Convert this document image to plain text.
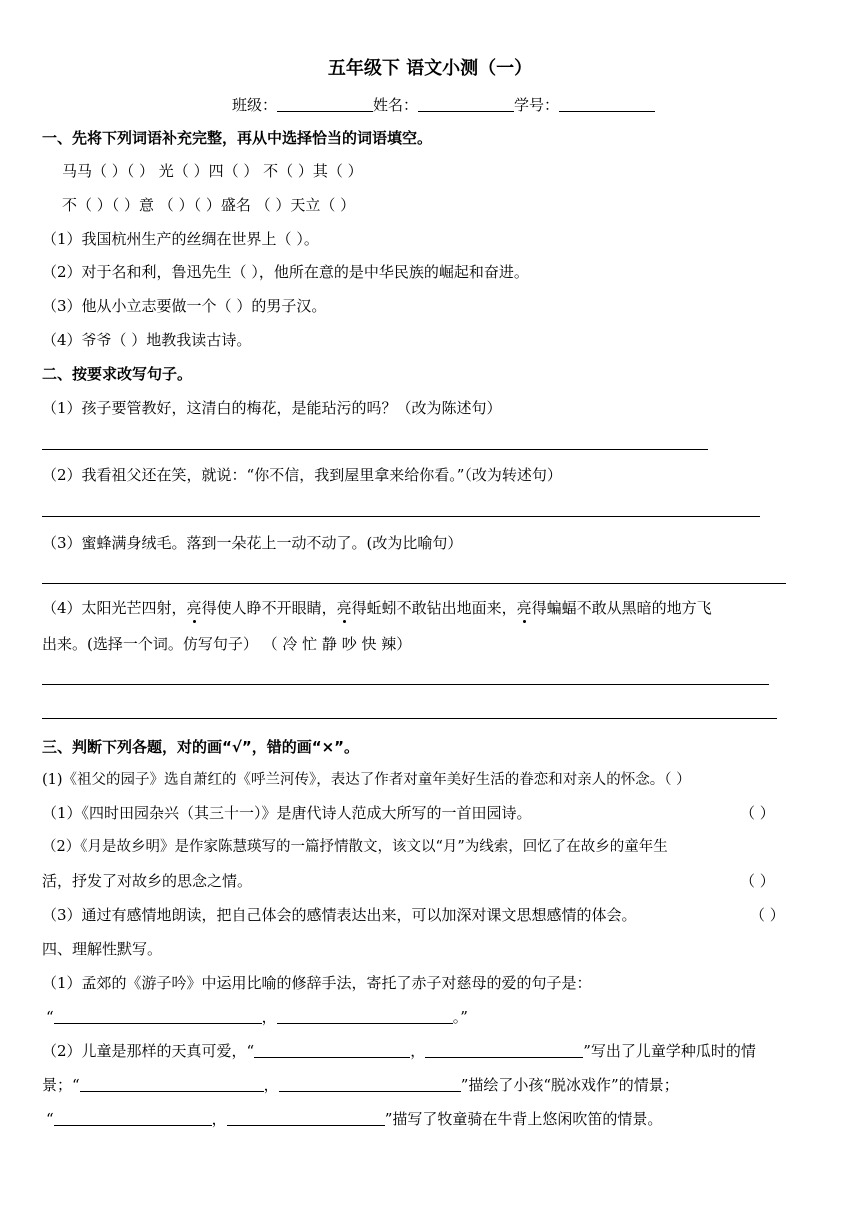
五年级下 语文小测（一）
班级：	姓名：	学号：
一、先将下列词语补充完整，再从中选择恰当的词语填空。
马马（ ）（ ） 光（ ）四（ ） 不（ ）其（ ）
不（ ）（ ）意 （ ）（ ）盛名 （ ）天立（ ）
（1）我国杭州生产的丝绸在世界上（ ）。
（2）对于名和利，鲁迅先生（ ），他所在意的是中华民族的崛起和奋进。
（3）他从小立志要做一个（ ）的男子汉。
（4）爷爷（ ）地教我读古诗。
二、按要求改写句子。
（1）孩子要管教好，这清白的梅花，是能玷污的吗？（改为陈述句）
（2）我看祖父还在笑，就说：“你不信，我到屋里拿来给你看。”（改为转述句）
（3）蜜蜂满身绒毛。落到一朵花上一动不动了。(改为比喻句）
（4）太阳光芒四射，亮得使人睁不开眼睛，亮得蚯蚓不敢钻出地面来，亮得蝙蝠不敢从黑暗的地方飞
出来。(选择一个词。仿写句子） （ 冷 忙 静 吵 快 辣）
三、判断下列各题，对的画“√”，错的画“×”。
(1)《祖父的园子》选自萧红的《呼兰河传》，表达了作者对童年美好生活的眷恋和对亲人的怀念。（ ）
（1）《四时田园杂兴（其三十一）》是唐代诗人范成大所写的一首田园诗。	（ ）
（2）《月是故乡明》是作家陈慧瑛写的一篇抒情散文，该文以“月”为线索，回忆了在故乡的童年生
活，抒发了对故乡的思念之情。	（ ）
（3）通过有感情地朗读，把自己体会的感情表达出来，可以加深对课文思想感情的体会。	（ ）
四、理解性默写。
（1）孟郊的《游子吟》中运用比喻的修辞手法，寄托了赤子对慈母的爱的句子是：
“	，	。”
（2）儿童是那样的天真可爱，“	，	”写出了儿童学种瓜时的情
景；“	，	”描绘了小孩“脱冰戏作”的情景；
“	，	”描写了牧童骑在牛背上悠闲吹笛的情景。
